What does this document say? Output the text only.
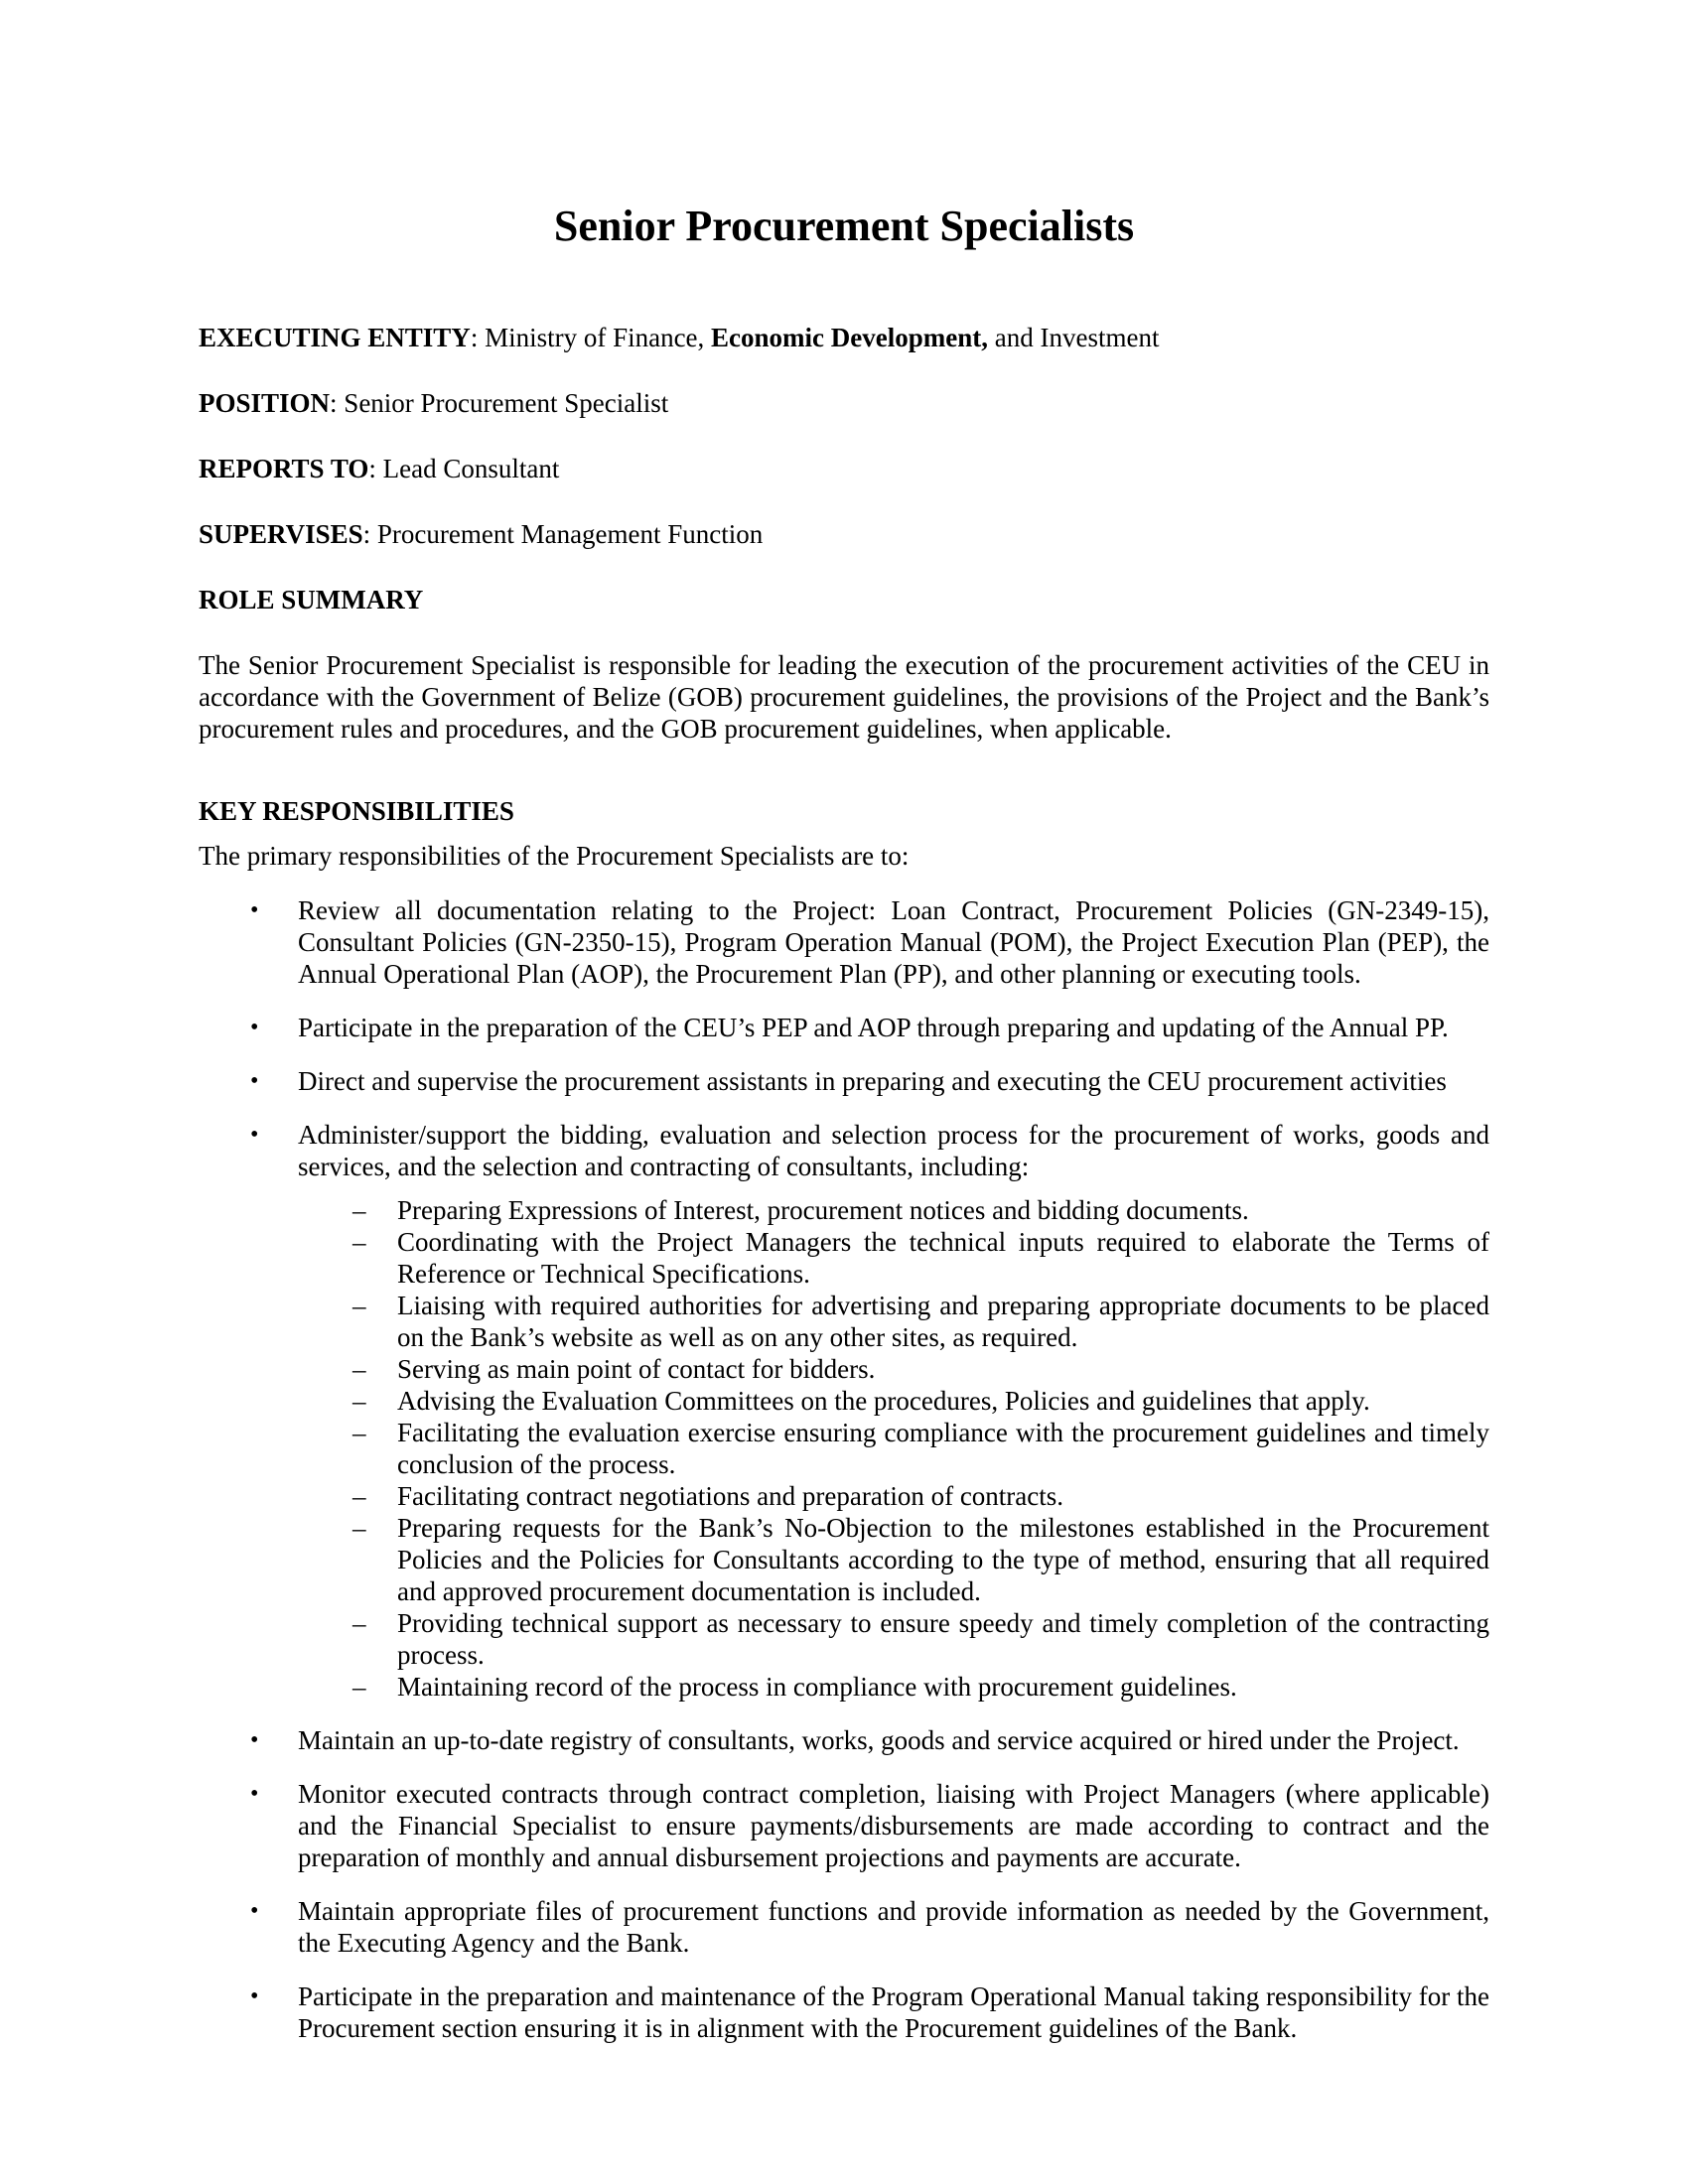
Senior Procurement Specialists

EXECUTING ENTITY: Ministry of Finance, Economic Development, and Investment

POSITION: Senior Procurement Specialist

REPORTS TO: Lead Consultant

SUPERVISES: Procurement Management Function

ROLE SUMMARY

The Senior Procurement Specialist is responsible for leading the execution of the procurement activities of the CEU in accordance with the Government of Belize (GOB) procurement guidelines, the provisions of the Project and the Bank’s procurement rules and procedures, and the GOB procurement guidelines, when applicable.

KEY RESPONSIBILITIES

The primary responsibilities of the Procurement Specialists are to:

• Review all documentation relating to the Project: Loan Contract, Procurement Policies (GN-2349-15), Consultant Policies (GN-2350-15), Program Operation Manual (POM), the Project Execution Plan (PEP), the Annual Operational Plan (AOP), the Procurement Plan (PP), and other planning or executing tools.
• Participate in the preparation of the CEU’s PEP and AOP through preparing and updating of the Annual PP.
• Direct and supervise the procurement assistants in preparing and executing the CEU procurement activities
• Administer/support the bidding, evaluation and selection process for the procurement of works, goods and services, and the selection and contracting of consultants, including:
– Preparing Expressions of Interest, procurement notices and bidding documents.
– Coordinating with the Project Managers the technical inputs required to elaborate the Terms of Reference or Technical Specifications.
– Liaising with required authorities for advertising and preparing appropriate documents to be placed on the Bank’s website as well as on any other sites, as required.
– Serving as main point of contact for bidders.
– Advising the Evaluation Committees on the procedures, Policies and guidelines that apply.
– Facilitating the evaluation exercise ensuring compliance with the procurement guidelines and timely conclusion of the process.
– Facilitating contract negotiations and preparation of contracts.
– Preparing requests for the Bank’s No-Objection to the milestones established in the Procurement Policies and the Policies for Consultants according to the type of method, ensuring that all required and approved procurement documentation is included.
– Providing technical support as necessary to ensure speedy and timely completion of the contracting process.
– Maintaining record of the process in compliance with procurement guidelines.
• Maintain an up-to-date registry of consultants, works, goods and service acquired or hired under the Project.
• Monitor executed contracts through contract completion, liaising with Project Managers (where applicable) and the Financial Specialist to ensure payments/disbursements are made according to contract and the preparation of monthly and annual disbursement projections and payments are accurate.
• Maintain appropriate files of procurement functions and provide information as needed by the Government, the Executing Agency and the Bank.
• Participate in the preparation and maintenance of the Program Operational Manual taking responsibility for the Procurement section ensuring it is in alignment with the Procurement guidelines of the Bank.
